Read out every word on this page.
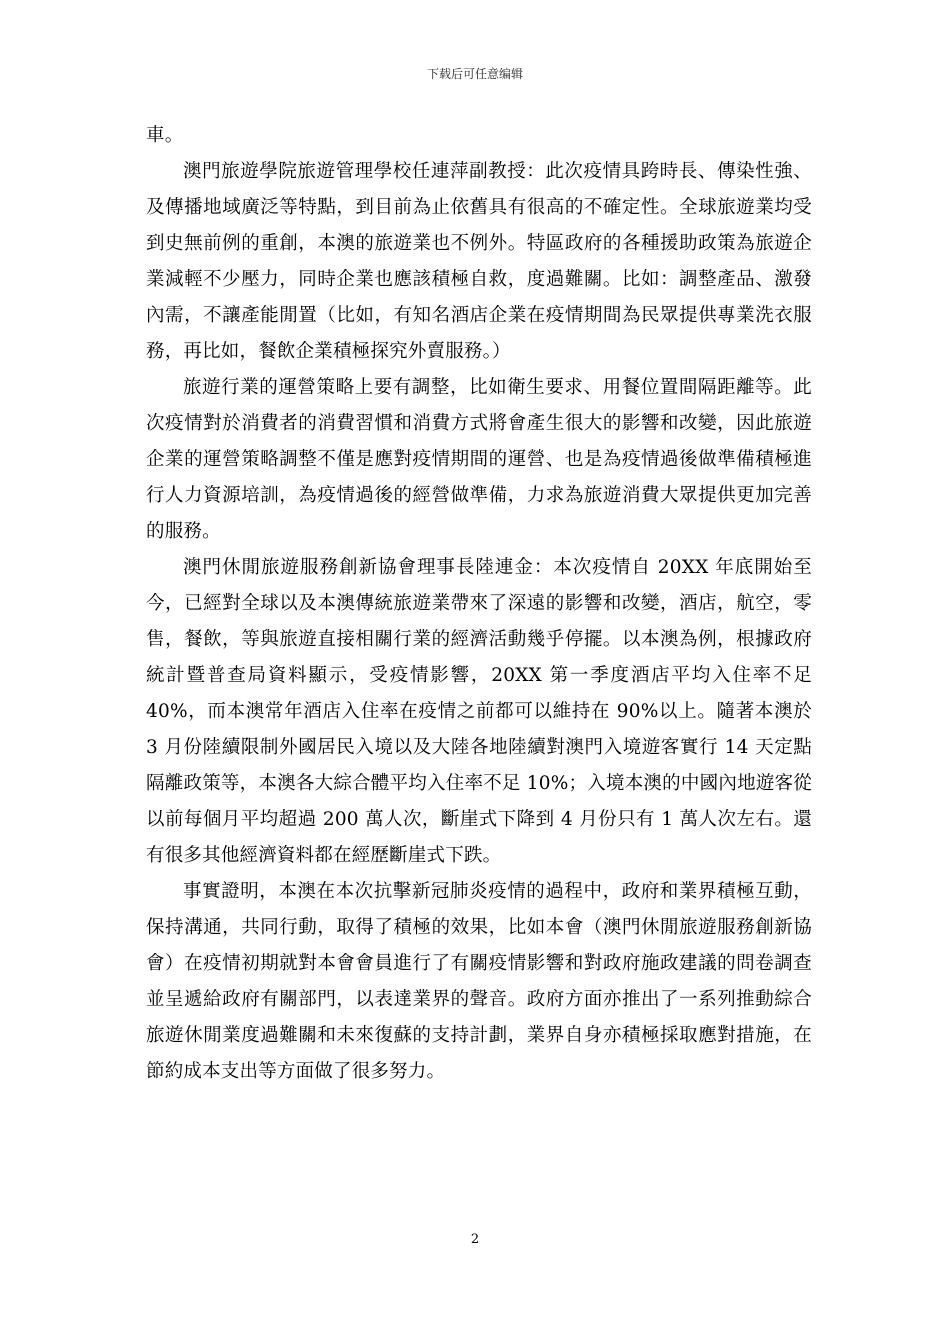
下载后可任意编辑

車。

澳門旅遊學院旅遊管理學校任連萍副教授：此次疫情具跨時長、傳染性強、及傳播地域廣泛等特點，到目前為止依舊具有很高的不確定性。全球旅遊業均受到史無前例的重創，本澳的旅遊業也不例外。特區政府的各種援助政策為旅遊企業減輕不少壓力，同時企業也應該積極自救，度過難關。比如：調整產品、激發內需，不讓產能閒置（比如，有知名酒店企業在疫情期間為民眾提供專業洗衣服務，再比如，餐飲企業積極探究外賣服務。）

旅遊行業的運營策略上要有調整，比如衛生要求、用餐位置間隔距離等。此次疫情對於消費者的消費習慣和消費方式將會產生很大的影響和改變，因此旅遊企業的運營策略調整不僅是應對疫情期間的運營、也是為疫情過後做準備積極進行人力資源培訓，為疫情過後的經營做準備，力求為旅遊消費大眾提供更加完善的服務。

澳門休閒旅遊服務創新協會理事長陸連金：本次疫情自 20XX 年底開始至今，已經對全球以及本澳傳統旅遊業帶來了深遠的影響和改變，酒店，航空，零售，餐飲，等與旅遊直接相關行業的經濟活動幾乎停擺。以本澳為例，根據政府統計暨普查局資料顯示，受疫情影響，20XX 第一季度酒店平均入住率不足 40%，而本澳常年酒店入住率在疫情之前都可以維持在 90%以上。隨著本澳於 3 月份陸續限制外國居民入境以及大陸各地陸續對澳門入境遊客實行 14 天定點隔離政策等，本澳各大綜合體平均入住率不足 10%；入境本澳的中國內地遊客從以前每個月平均超過 200 萬人次，斷崖式下降到 4 月份只有 1 萬人次左右。還有很多其他經濟資料都在經歷斷崖式下跌。

事實證明，本澳在本次抗擊新冠肺炎疫情的過程中，政府和業界積極互動，保持溝通，共同行動，取得了積極的效果，比如本會（澳門休閒旅遊服務創新協會）在疫情初期就對本會會員進行了有關疫情影響和對政府施政建議的問卷調查並呈遞給政府有關部門，以表達業界的聲音。政府方面亦推出了一系列推動綜合旅遊休閒業度過難關和未來復蘇的支持計劃，業界自身亦積極採取應對措施，在節約成本支出等方面做了很多努力。

2
